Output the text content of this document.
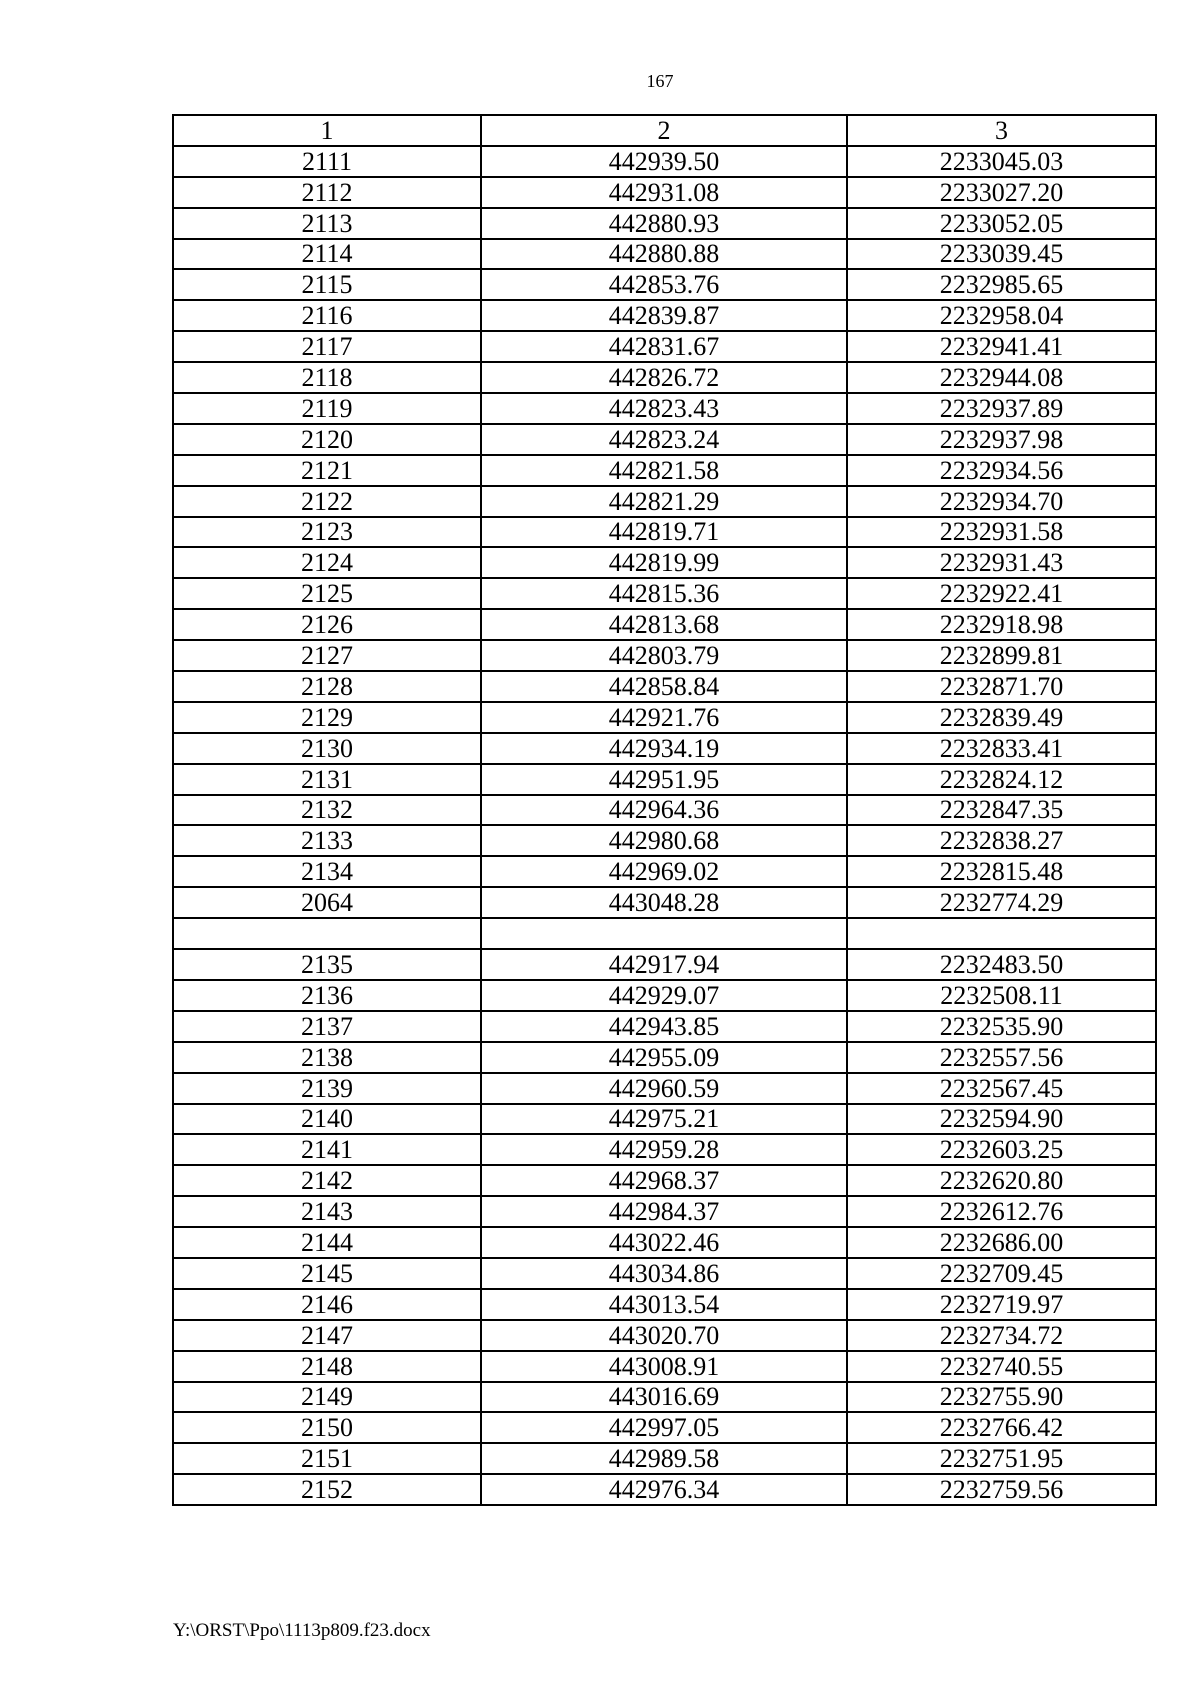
167
1	2	3
2111	442939.50	2233045.03
2112	442931.08	2233027.20
2113	442880.93	2233052.05
2114	442880.88	2233039.45
2115	442853.76	2232985.65
2116	442839.87	2232958.04
2117	442831.67	2232941.41
2118	442826.72	2232944.08
2119	442823.43	2232937.89
2120	442823.24	2232937.98
2121	442821.58	2232934.56
2122	442821.29	2232934.70
2123	442819.71	2232931.58
2124	442819.99	2232931.43
2125	442815.36	2232922.41
2126	442813.68	2232918.98
2127	442803.79	2232899.81
2128	442858.84	2232871.70
2129	442921.76	2232839.49
2130	442934.19	2232833.41
2131	442951.95	2232824.12
2132	442964.36	2232847.35
2133	442980.68	2232838.27
2134	442969.02	2232815.48
2064	443048.28	2232774.29

2135	442917.94	2232483.50
2136	442929.07	2232508.11
2137	442943.85	2232535.90
2138	442955.09	2232557.56
2139	442960.59	2232567.45
2140	442975.21	2232594.90
2141	442959.28	2232603.25
2142	442968.37	2232620.80
2143	442984.37	2232612.76
2144	443022.46	2232686.00
2145	443034.86	2232709.45
2146	443013.54	2232719.97
2147	443020.70	2232734.72
2148	443008.91	2232740.55
2149	443016.69	2232755.90
2150	442997.05	2232766.42
2151	442989.58	2232751.95
2152	442976.34	2232759.56
Y:\ORST\Ppo\1113p809.f23.docx
